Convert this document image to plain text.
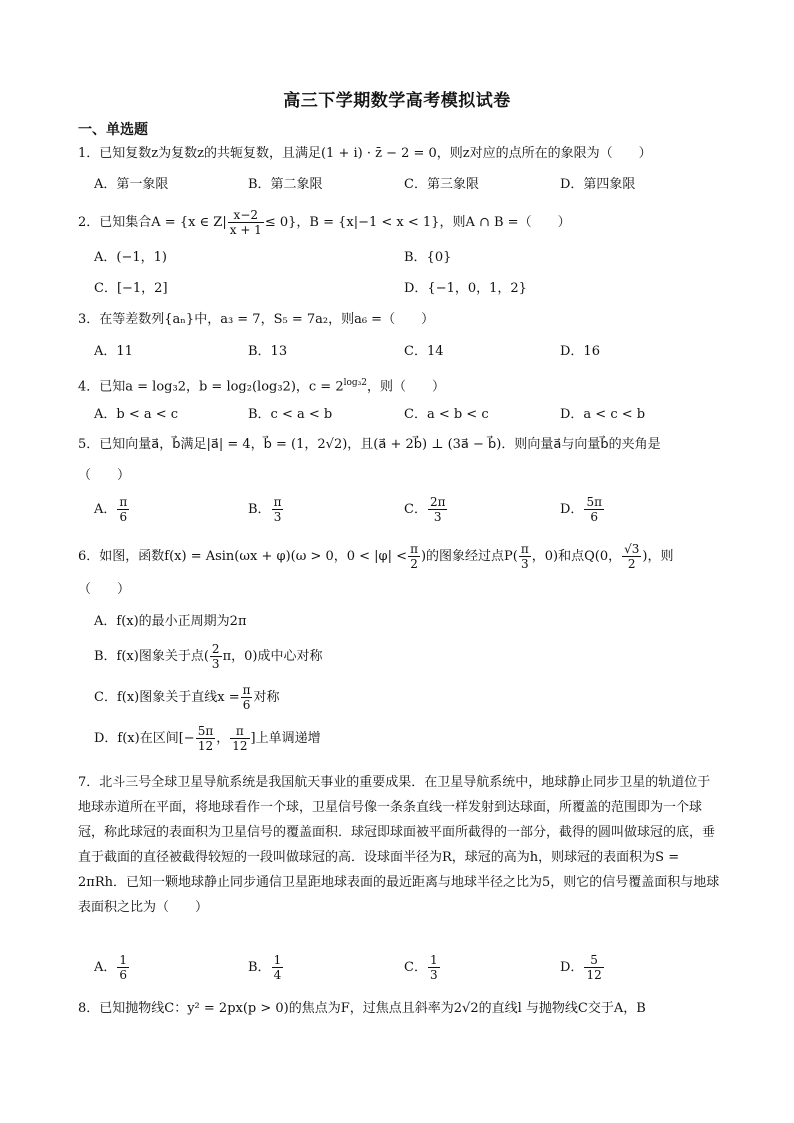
高三下学期数学高考模拟试卷
一、单选题
1．已知复数z为复数z的共轭复数，且满足(1 + i) · z̄ − 2 = 0，则z对应的点所在的象限为（　　）
A．第一象限	B．第二象限	C．第三象限	D．第四象限
2．已知集合A = {x ∈ $Z| \frac{x-2}{x + 1} \le 0$}，B = {x|−1 < x < 1}，则A ∩ B =（　　）
A．(−1，1)	B．{0}
C．[−1，2]	D．{−1，0，1，2}
3．在等差数列{aₙ}中，a₃ = 7，S₅ = 7a₂，则a₆ =（　　）
A．11	B．13	C．14	D．16
4．已知a = log₃2，b = log₂(log₃2)，$c = 2^{log_32}$，则（　　）
A．b < a < c	B．c < a < b	C．a < b < c	D．a < c < b
5．已知向量a⃗，b⃗满足|a⃗| = 4，b⃗ = (1，2√2)，且(a⃗ + 2b⃗) ⊥ (3a⃗ − b⃗)．则向量a⃗与向量b⃗的夹角是
（　　）
A． $\frac{\pi}{6}$	B． $\frac{\pi}{3}$	C． $\frac{2\pi}{3}$	D． $\frac{5\pi}{6}$
6．如图，函数f(x) = Asin(ωx + φ)(ω > 0，$0 < |\varphi| < \frac{\pi}{2}$ )的图象经过点$P( \frac{\pi}{3}$ ，0)和点Q(0， $\frac{√3}{2}$ )，则
（　　）
A．f(x)的最小正周期为2π
B．f(x)图象关于点( $\frac{2}{3}$ π，0)成中心对称
C．f(x)图象关于直线$x = \frac{\pi}{6}$ 对称
D．f(x)在区间[− $\frac{5\pi}{12}$ ， $\frac{\pi}{12}$ ]上单调递增
7．北斗三号全球卫星导航系统是我国航天事业的重要成果．在卫星导航系统中，地球静止同步卫星的轨道位于地球赤道所在平面，将地球看作一个球，卫星信号像一条条直线一样发射到达球面，所覆盖的范围即为一个球冠，称此球冠的表面积为卫星信号的覆盖面积．球冠即球面被平面所截得的一部分，截得的圆叫做球冠的底，垂直于截面的直径被截得较短的一段叫做球冠的高．设球面半径为R，球冠的高为h，则球冠的表面积为S = 2πRh．已知一颗地球静止同步通信卫星距地球表面的最近距离与地球半径之比为5，则它的信号覆盖面积与地球表面积之比为（　　）
A． $\frac{1}{6}$	B． $\frac{1}{4}$	C． $\frac{1}{3}$	D． $\frac{5}{12}$
8．已知抛物线C：y² = 2px(p > 0)的焦点为F，过焦点且斜率为2√2的直线l 与抛物线C交于A，B
